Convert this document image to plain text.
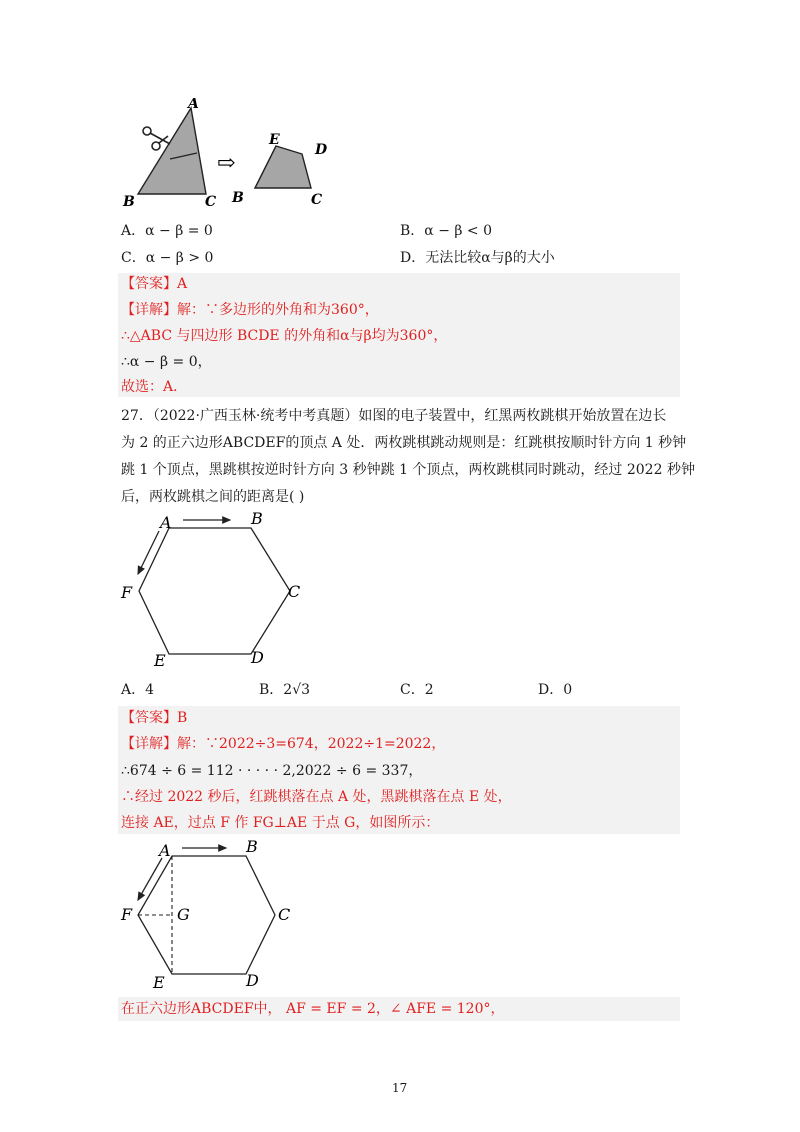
A
B	C
⇨
E
D
B	C
A．α − β = 0	B．α − β < 0
C．α − β > 0	D．无法比较α与β的大小
【答案】A
【详解】解：∵多边形的外角和为360°，
∴△ABC 与四边形 BCDE 的外角和α与β均为360°，
∴α − β = 0，
故选：A．
27．（2022·广西玉林·统考中考真题）如图的电子装置中，红黑两枚跳棋开始放置在边长
为 2 的正六边形ABCDEF的顶点 A 处．两枚跳棋跳动规则是：红跳棋按顺时针方向 1 秒钟
跳 1 个顶点，黑跳棋按逆时针方向 3 秒钟跳 1 个顶点，两枚跳棋同时跳动，经过 2022 秒钟
后，两枚跳棋之间的距离是( )
A	B
C
D
E
F
A．4	B．2√3	C．2	D．0
【答案】B
【详解】解：∵2022÷3=674，2022÷1=2022，
∴674 ÷ 6 = 112 · · · · · 2,2022 ÷ 6 = 337，
∴经过 2022 秒后，红跳棋落在点 A 处，黑跳棋落在点 E 处，
连接 AE，过点 F 作 FG⊥AE 于点 G，如图所示：
A	B
C
D
E
F	G
在正六边形ABCDEF中， AF = EF = 2，∠ AFE = 120°，
17
